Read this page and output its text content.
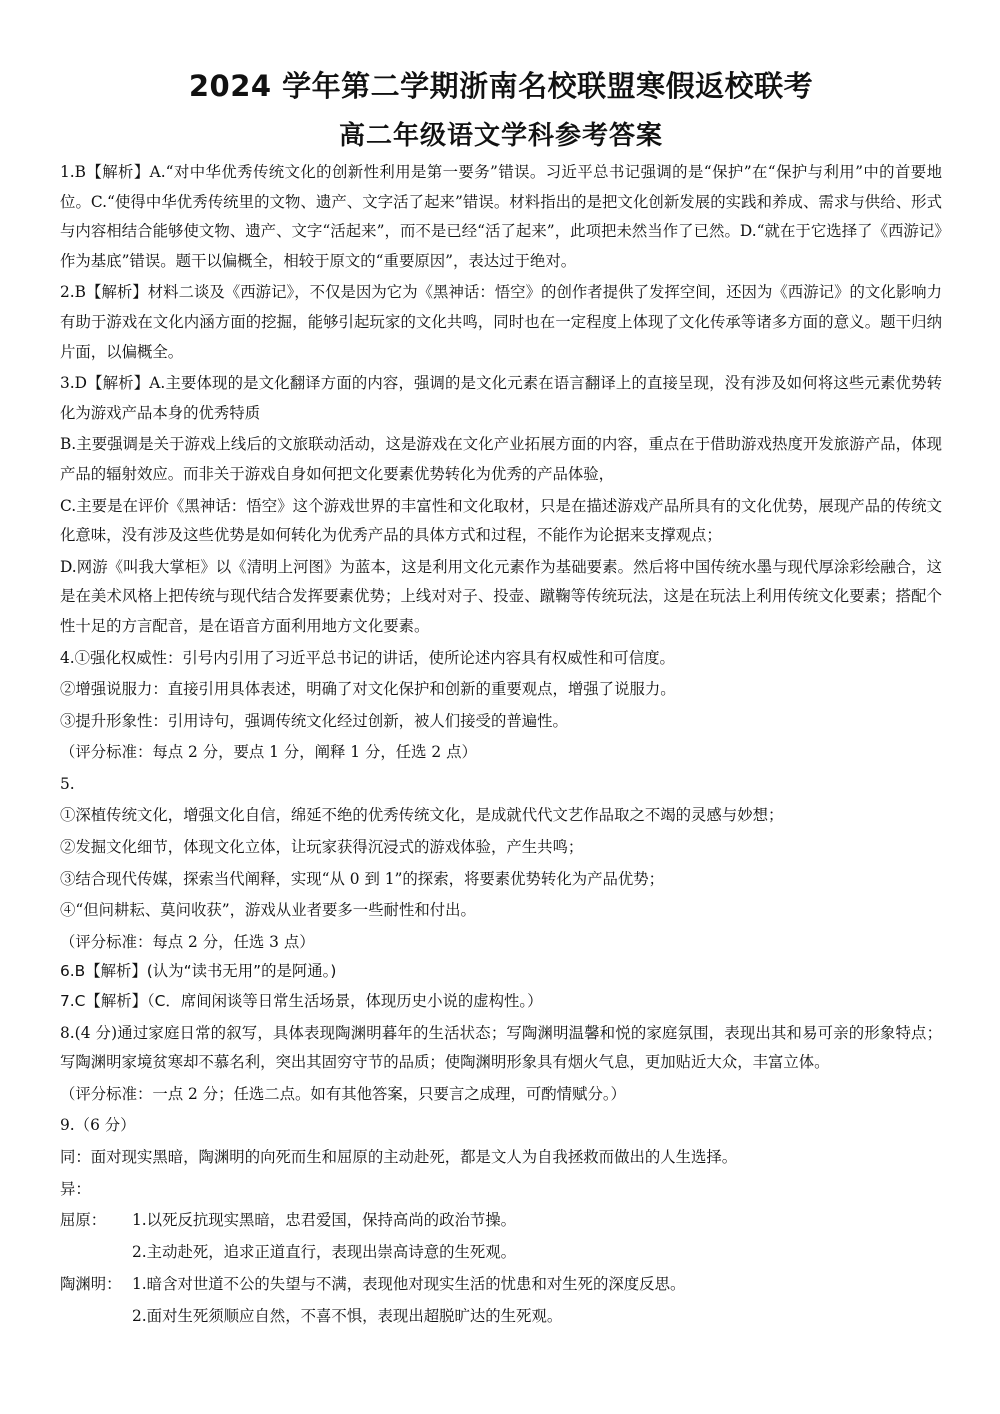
2024 学年第二学期浙南名校联盟寒假返校联考
高二年级语文学科参考答案

1.B【解析】A.“对中华优秀传统文化的创新性利用是第一要务”错误。习近平总书记强调的是“保护”在“保护与利用”中的首要地位。C.“使得中华优秀传统里的文物、遗产、文字活了起来”错误。材料指出的是把文化创新发展的实践和养成、需求与供给、形式与内容相结合能够使文物、遗产、文字“活起来”，而不是已经“活了起来”，此项把未然当作了已然。D.“就在于它选择了《西游记》作为基底”错误。题干以偏概全，相较于原文的“重要原因”，表达过于绝对。

2.B【解析】材料二谈及《西游记》，不仅是因为它为《黑神话：悟空》的创作者提供了发挥空间，还因为《西游记》的文化影响力有助于游戏在文化内涵方面的挖掘，能够引起玩家的文化共鸣，同时也在一定程度上体现了文化传承等诸多方面的意义。题干归纳片面，以偏概全。

3.D【解析】A.主要体现的是文化翻译方面的内容，强调的是文化元素在语言翻译上的直接呈现，没有涉及如何将这些元素优势转化为游戏产品本身的优秀特质

B.主要强调是关于游戏上线后的文旅联动活动，这是游戏在文化产业拓展方面的内容，重点在于借助游戏热度开发旅游产品，体现产品的辐射效应。而非关于游戏自身如何把文化要素优势转化为优秀的产品体验，

C.主要是在评价《黑神话：悟空》这个游戏世界的丰富性和文化取材，只是在描述游戏产品所具有的文化优势，展现产品的传统文化意味，没有涉及这些优势是如何转化为优秀产品的具体方式和过程，不能作为论据来支撑观点；

D.网游《叫我大掌柜》以《清明上河图》为蓝本，这是利用文化元素作为基础要素。然后将中国传统水墨与现代厚涂彩绘融合，这是在美术风格上把传统与现代结合发挥要素优势；上线对对子、投壶、蹴鞠等传统玩法，这是在玩法上利用传统文化要素；搭配个性十足的方言配音，是在语音方面利用地方文化要素。

4.①强化权威性：引号内引用了习近平总书记的讲话，使所论述内容具有权威性和可信度。

②增强说服力：直接引用具体表述，明确了对文化保护和创新的重要观点，增强了说服力。

③提升形象性：引用诗句，强调传统文化经过创新，被人们接受的普遍性。

（评分标准：每点 2 分，要点 1 分，阐释 1 分，任选 2 点）

5.

①深植传统文化，增强文化自信，绵延不绝的优秀传统文化，是成就代代文艺作品取之不竭的灵感与妙想；

②发掘文化细节，体现文化立体，让玩家获得沉浸式的游戏体验，产生共鸣；

③结合现代传媒，探索当代阐释，实现“从 0 到 1”的探索，将要素优势转化为产品优势；

④“但问耕耘、莫问收获”，游戏从业者要多一些耐性和付出。

（评分标准：每点 2 分，任选 3 点）

6.B【解析】(认为“读书无用”的是阿通。)

7.C【解析】（C．席间闲谈等日常生活场景，体现历史小说的虚构性。）

8.(4 分)通过家庭日常的叙写，具体表现陶渊明暮年的生活状态；写陶渊明温馨和悦的家庭氛围，表现出其和易可亲的形象特点；写陶渊明家境贫寒却不慕名利，突出其固穷守节的品质；使陶渊明形象具有烟火气息，更加贴近大众，丰富立体。

（评分标准：一点 2 分；任选二点。如有其他答案，只要言之成理，可酌情赋分。）

9.（6 分）

同：面对现实黑暗，陶渊明的向死而生和屈原的主动赴死，都是文人为自我拯救而做出的人生选择。

异：

屈原：	1.以死反抗现实黑暗，忠君爱国，保持高尚的政治节操。
2.主动赴死，追求正道直行，表现出崇高诗意的生死观。
陶渊明： 1.暗含对世道不公的失望与不满，表现他对现实生活的忧患和对生死的深度反思。
2.面对生死须顺应自然，不喜不惧，表现出超脱旷达的生死观。
